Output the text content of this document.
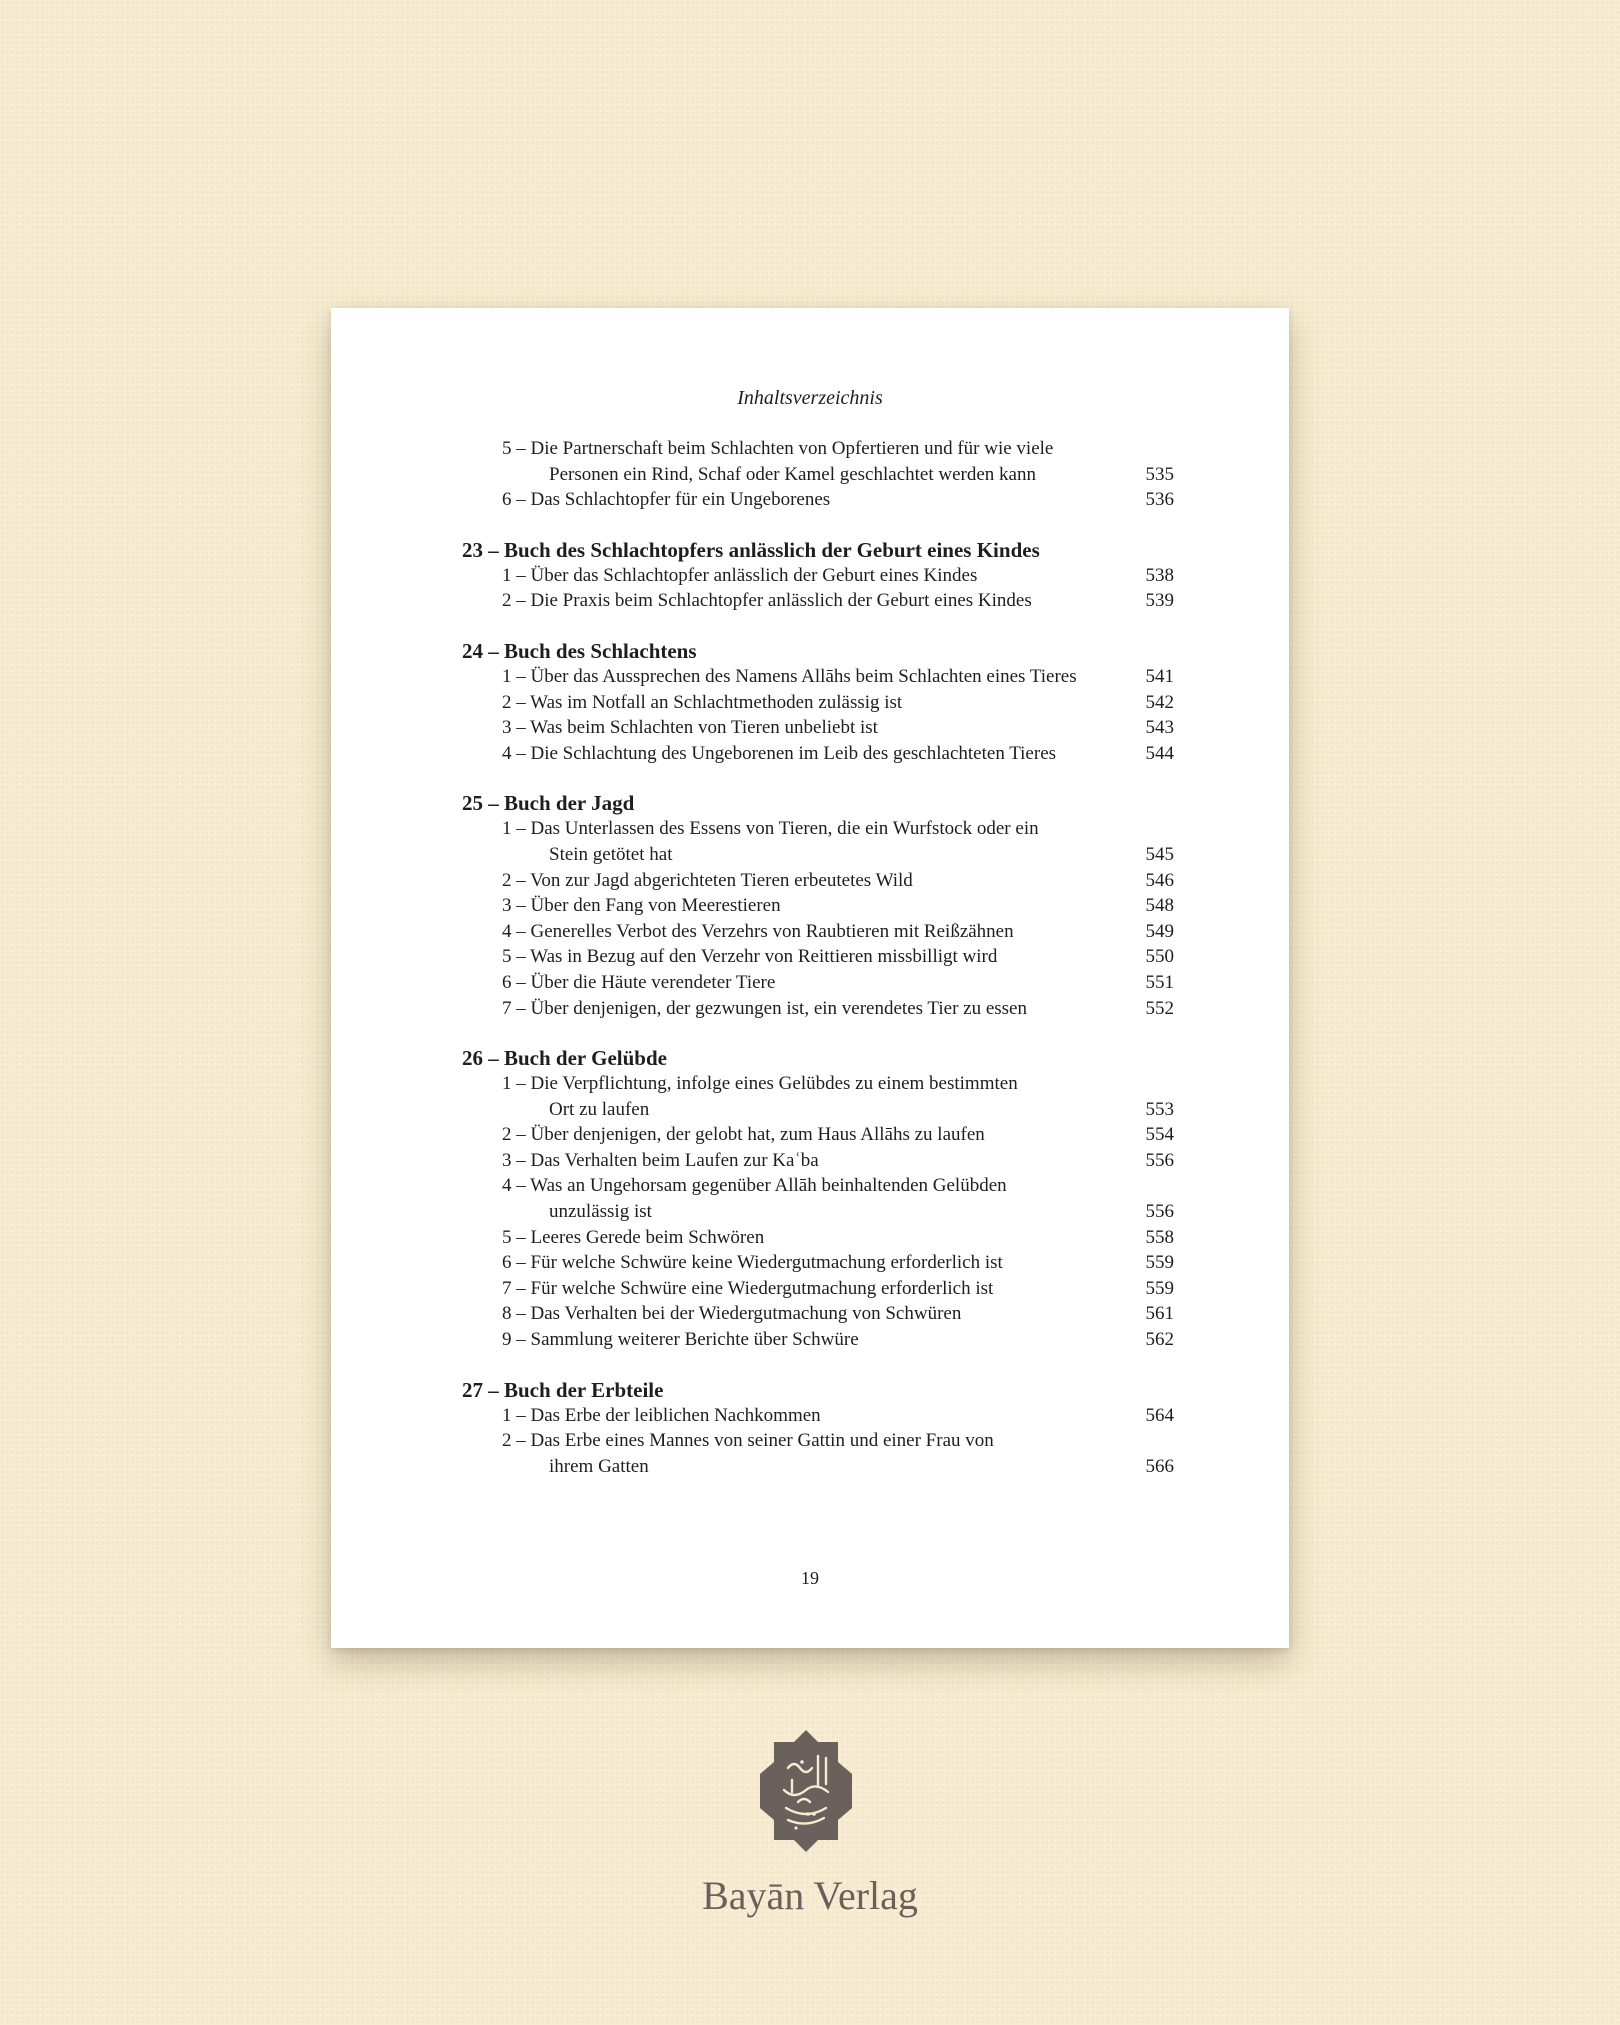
Inhaltsverzeichnis
5 – Die Partnerschaft beim Schlachten von Opfertieren und für wie viele
Personen ein Rind, Schaf oder Kamel geschlachtet werden kann	535
6 – Das Schlachtopfer für ein Ungeborenes	536
23 – Buch des Schlachtopfers anlässlich der Geburt eines Kindes
1 – Über das Schlachtopfer anlässlich der Geburt eines Kindes	538
2 – Die Praxis beim Schlachtopfer anlässlich der Geburt eines Kindes	539
24 – Buch des Schlachtens
1 – Über das Aussprechen des Namens Allāhs beim Schlachten eines Tieres	541
2 – Was im Notfall an Schlachtmethoden zulässig ist	542
3 – Was beim Schlachten von Tieren unbeliebt ist	543
4 – Die Schlachtung des Ungeborenen im Leib des geschlachteten Tieres	544
25 – Buch der Jagd
1 – Das Unterlassen des Essens von Tieren, die ein Wurfstock oder ein
Stein getötet hat	545
2 – Von zur Jagd abgerichteten Tieren erbeutetes Wild	546
3 – Über den Fang von Meerestieren	548
4 – Generelles Verbot des Verzehrs von Raubtieren mit Reißzähnen	549
5 – Was in Bezug auf den Verzehr von Reittieren missbilligt wird	550
6 – Über die Häute verendeter Tiere	551
7 – Über denjenigen, der gezwungen ist, ein verendetes Tier zu essen	552
26 – Buch der Gelübde
1 – Die Verpflichtung, infolge eines Gelübdes zu einem bestimmten
Ort zu laufen	553
2 – Über denjenigen, der gelobt hat, zum Haus Allāhs zu laufen	554
3 – Das Verhalten beim Laufen zur Kaʿba	556
4 – Was an Ungehorsam gegenüber Allāh beinhaltenden Gelübden
unzulässig ist	556
5 – Leeres Gerede beim Schwören	558
6 – Für welche Schwüre keine Wiedergutmachung erforderlich ist	559
7 – Für welche Schwüre eine Wiedergutmachung erforderlich ist	559
8 – Das Verhalten bei der Wiedergutmachung von Schwüren	561
9 – Sammlung weiterer Berichte über Schwüre	562
27 – Buch der Erbteile
1 – Das Erbe der leiblichen Nachkommen	564
2 – Das Erbe eines Mannes von seiner Gattin und einer Frau von
ihrem Gatten	566
19
Bayān Verlag
